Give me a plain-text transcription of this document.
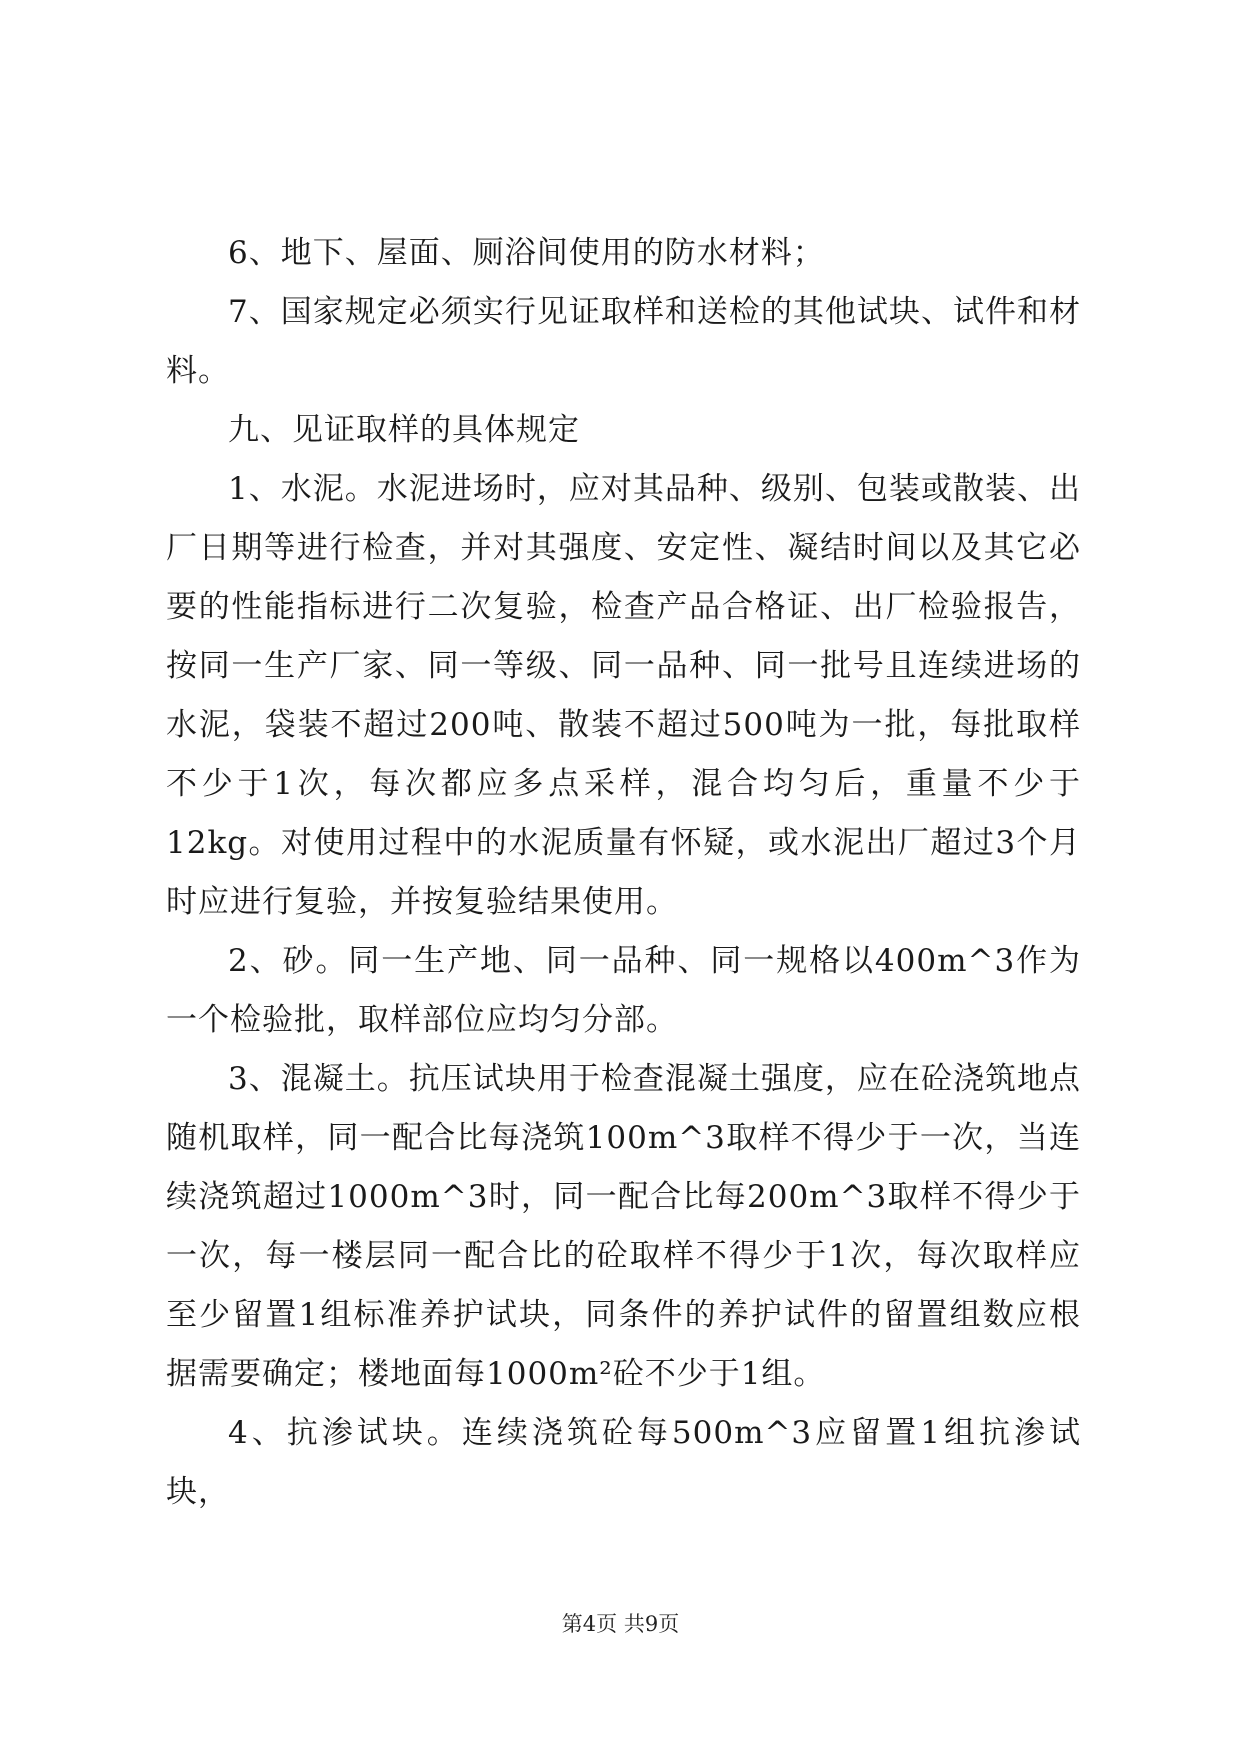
6、地下、屋面、厕浴间使用的防水材料；

7、国家规定必须实行见证取样和送检的其他试块、试件和材料。

九、见证取样的具体规定

1、水泥。水泥进场时，应对其品种、级别、包装或散装、出厂日期等进行检查，并对其强度、安定性、凝结时间以及其它必要的性能指标进行二次复验，检查产品合格证、出厂检验报告，按同一生产厂家、同一等级、同一品种、同一批号且连续进场的水泥，袋装不超过200吨、散装不超过500吨为一批，每批取样不少于1次，每次都应多点采样，混合均匀后，重量不少于12kg。对使用过程中的水泥质量有怀疑，或水泥出厂超过3个月时应进行复验，并按复验结果使用。

2、砂。同一生产地、同一品种、同一规格以400m^3作为一个检验批，取样部位应均匀分部。

3、混凝土。抗压试块用于检查混凝土强度，应在砼浇筑地点随机取样，同一配合比每浇筑100m^3取样不得少于一次，当连续浇筑超过1000m^3时，同一配合比每200m^3取样不得少于一次，每一楼层同一配合比的砼取样不得少于1次，每次取样应至少留置1组标准养护试块，同条件的养护试件的留置组数应根据需要确定；楼地面每1000m²砼不少于1组。

4、抗渗试块。连续浇筑砼每500m^3应留置1组抗渗试块，

第4页 共9页
